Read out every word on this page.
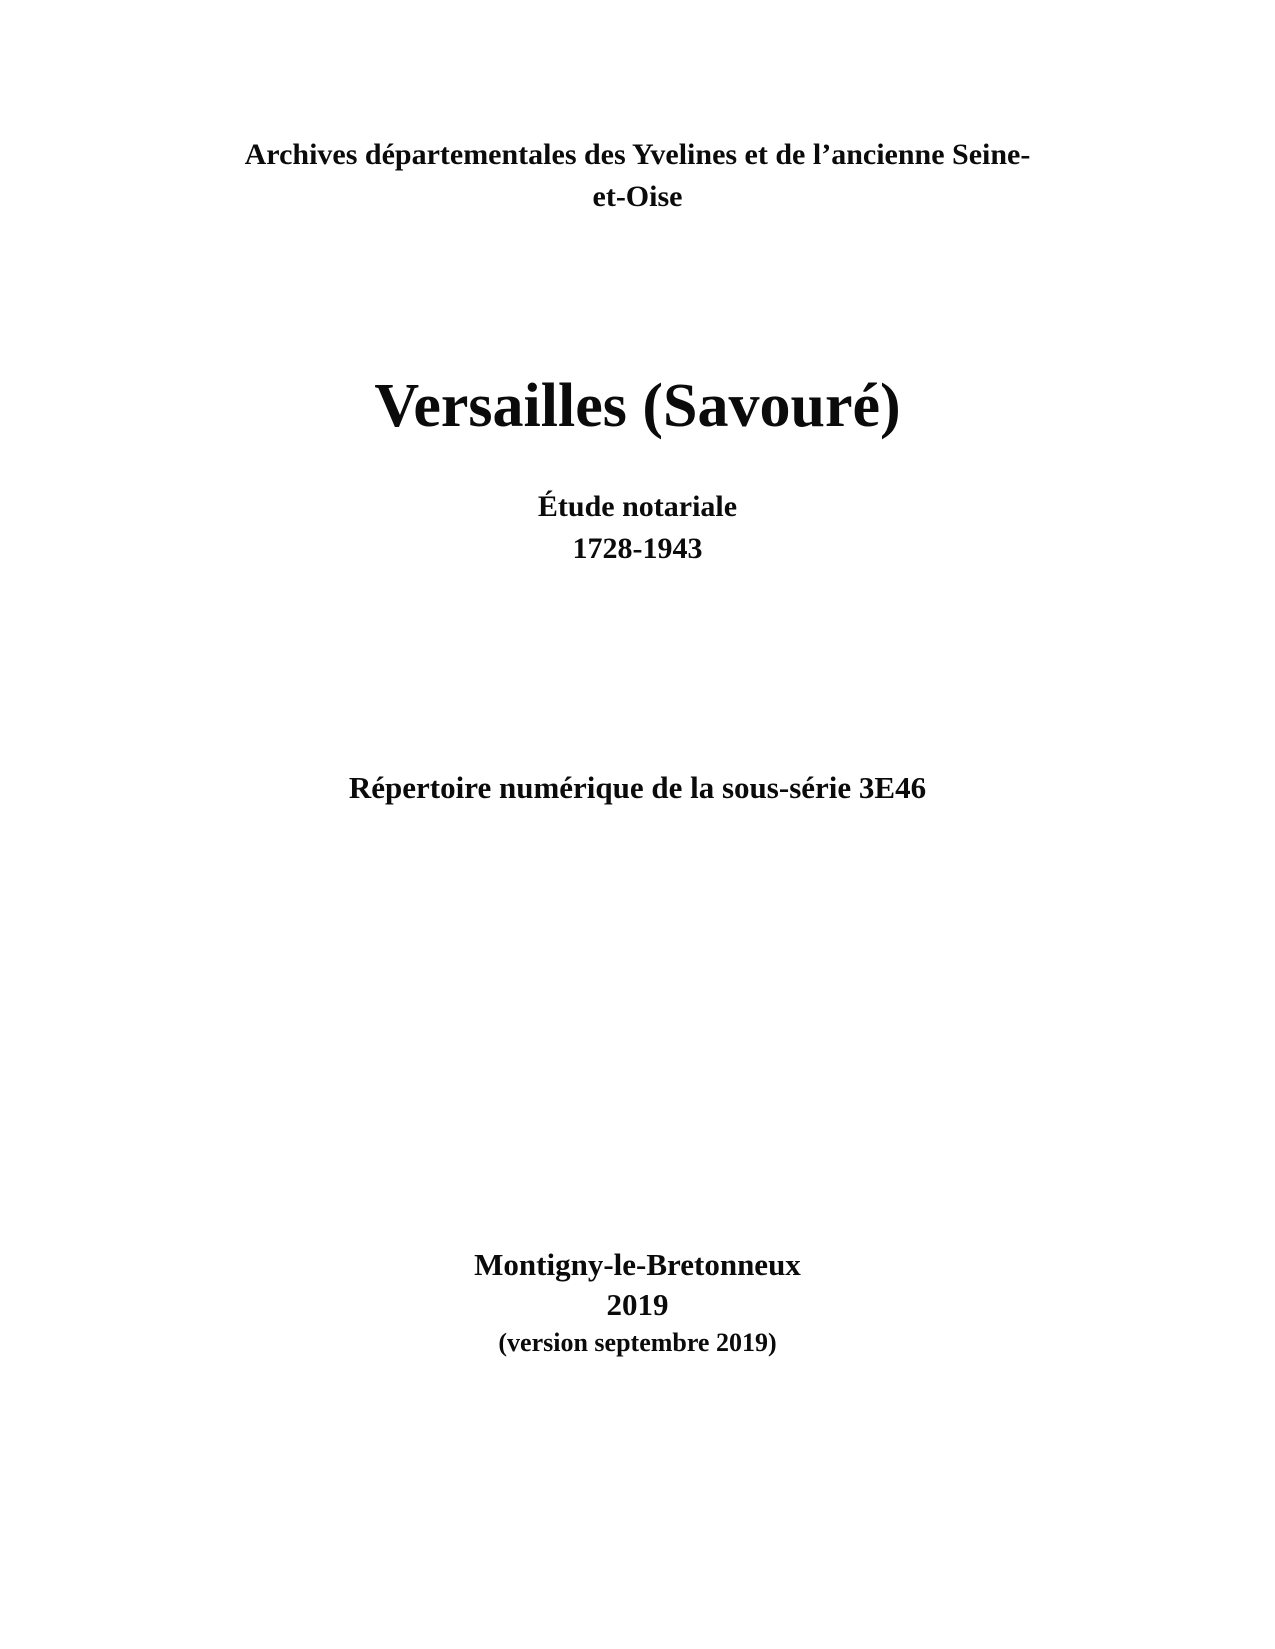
Archives départementales des Yvelines et de l’ancienne Seine-
et-Oise
Versailles (Savouré)
Étude notariale
1728-1943
Répertoire numérique de la sous-série 3E46
Montigny-le-Bretonneux
2019
(version septembre 2019)
